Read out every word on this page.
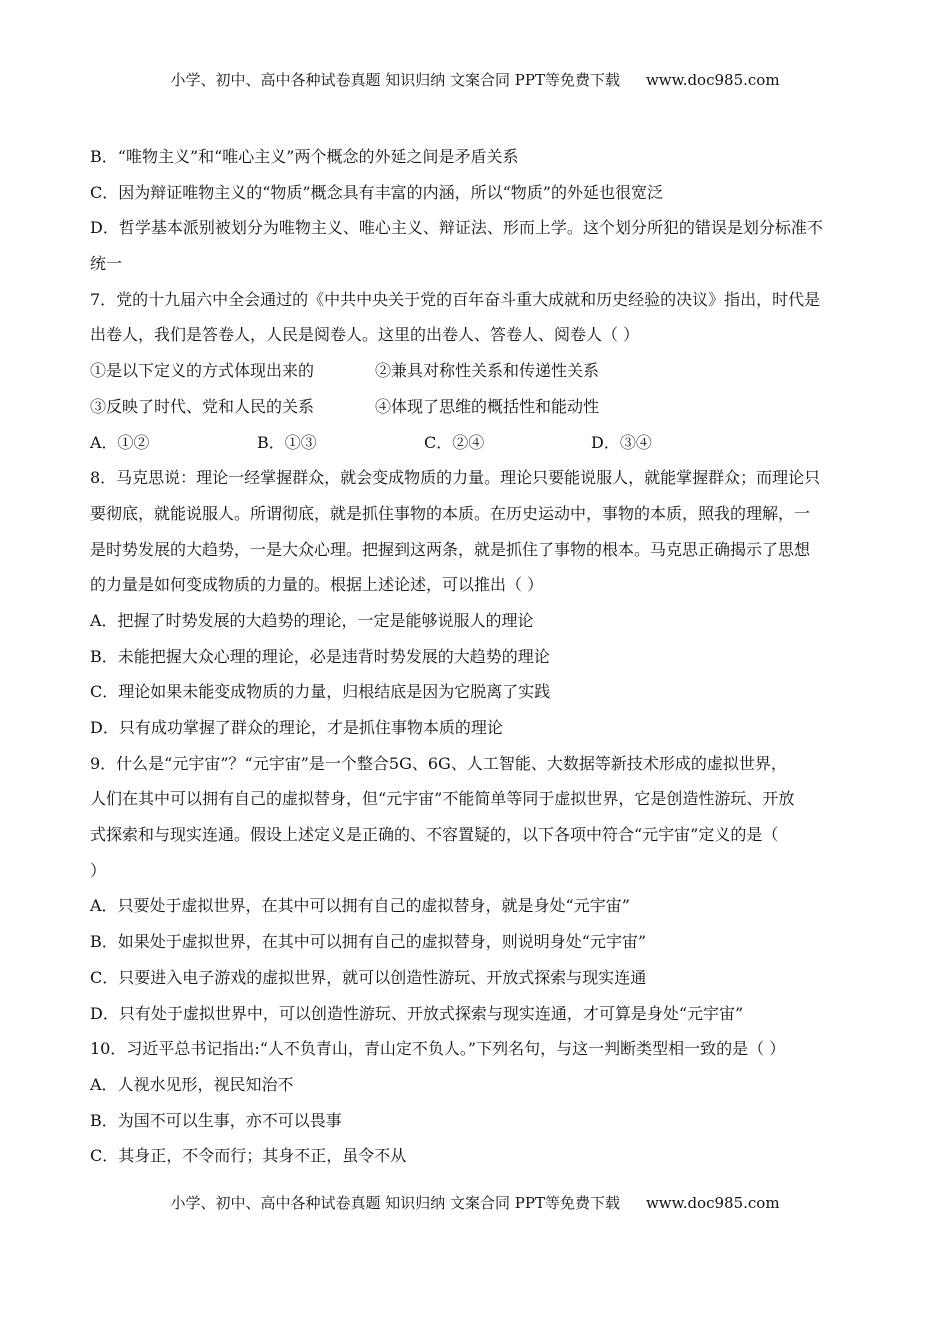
小学、初中、高中各种试卷真题 知识归纳 文案合同 PPT等免费下载 www.doc985.com
B．“唯物主义”和“唯心主义”两个概念的外延之间是矛盾关系
C．因为辩证唯物主义的“物质”概念具有丰富的内涵，所以“物质”的外延也很宽泛
D．哲学基本派别被划分为唯物主义、唯心主义、辩证法、形而上学。这个划分所犯的错误是划分标准不
统一
7．党的十九届六中全会通过的《中共中央关于党的百年奋斗重大成就和历史经验的决议》指出，时代是
出卷人，我们是答卷人，人民是阅卷人。这里的出卷人、答卷人、阅卷人（ ）
①是以下定义的方式体现出来的	②兼具对称性关系和传递性关系
③反映了时代、党和人民的关系	④体现了思维的概括性和能动性
A．①②	B．①③	C．②④	D．③④
8．马克思说：理论一经掌握群众，就会变成物质的力量。理论只要能说服人，就能掌握群众；而理论只
要彻底，就能说服人。所谓彻底，就是抓住事物的本质。在历史运动中，事物的本质，照我的理解，一
是时势发展的大趋势，一是大众心理。把握到这两条，就是抓住了事物的根本。马克思正确揭示了思想
的力量是如何变成物质的力量的。根据上述论述，可以推出（ ）
A．把握了时势发展的大趋势的理论，一定是能够说服人的理论
B．未能把握大众心理的理论，必是违背时势发展的大趋势的理论
C．理论如果未能变成物质的力量，归根结底是因为它脱离了实践
D．只有成功掌握了群众的理论，才是抓住事物本质的理论
9．什么是“元宇宙”？“元宇宙”是一个整合5G、6G、人工智能、大数据等新技术形成的虚拟世界，
人们在其中可以拥有自己的虚拟替身，但“元宇宙”不能简单等同于虚拟世界，它是创造性游玩、开放
式探索和与现实连通。假设上述定义是正确的、不容置疑的，以下各项中符合“元宇宙”定义的是（
）
A．只要处于虚拟世界，在其中可以拥有自己的虚拟替身，就是身处“元宇宙”
B．如果处于虚拟世界，在其中可以拥有自己的虚拟替身，则说明身处“元宇宙”
C．只要进入电子游戏的虚拟世界，就可以创造性游玩、开放式探索与现实连通
D．只有处于虚拟世界中，可以创造性游玩、开放式探索与现实连通，才可算是身处“元宇宙”
10．习近平总书记指出:“人不负青山，青山定不负人。”下列名句，与这一判断类型相一致的是（ ）
A．人视水见形，视民知治不
B．为国不可以生事，亦不可以畏事
C．其身正，不令而行；其身不正，虽令不从
小学、初中、高中各种试卷真题 知识归纳 文案合同 PPT等免费下载 www.doc985.com
